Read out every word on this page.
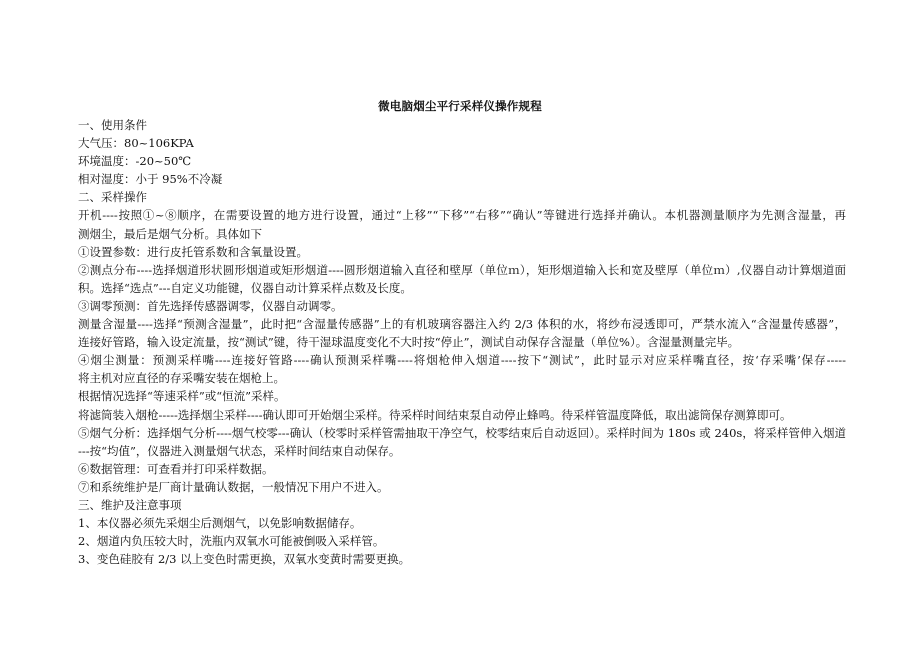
微电脑烟尘平行采样仪操作规程
一、使用条件
大气压：80~106KPA
环境温度：-20~50℃
相对湿度：小于 95%不冷凝
二、采样操作
开机----按照①~⑧顺序，在需要设置的地方进行设置，通过“上移”“下移”“右移”“确认”等键进行选择并确认。本机器测量顺序为先测含湿量，再
测烟尘，最后是烟气分析。具体如下
①设置参数：进行皮托管系数和含氧量设置。
②测点分布----选择烟道形状圆形烟道或矩形烟道----圆形烟道输入直径和壁厚（单位ｍ），矩形烟道输入长和宽及壁厚（单位ｍ）,仪器自动计算烟道面
积。选择“选点”---自定义功能键，仪器自动计算采样点数及长度。
③调零预测：首先选择传感器调零，仪器自动调零。
测量含湿量----选择“预测含湿量”，此时把“含湿量传感器”上的有机玻璃容器注入约 2/3 体积的水，将纱布浸透即可，严禁水流入“含湿量传感器”，
连接好管路，输入设定流量，按“测试”键，待干湿球温度变化不大时按“停止”，测试自动保存含湿量（单位%）。含湿量测量完毕。
④烟尘测量：预测采样嘴----连接好管路----确认预测采样嘴----将烟枪伸入烟道----按下“测试”，此时显示对应采样嘴直径，按‘存采嘴’保存-----
将主机对应直径的存采嘴安装在烟枪上。
根据情况选择“等速采样”或“恒流”采样。
将滤筒装入烟枪-----选择烟尘采样----确认即可开始烟尘采样。待采样时间结束泵自动停止蜂鸣。待采样管温度降低，取出滤筒保存测算即可。
⑤烟气分析：选择烟气分析----烟气校零---确认（校零时采样管需抽取干净空气，校零结束后自动返回）。采样时间为 180s 或 240s，将采样管伸入烟道
---按“均值”，仪器进入测量烟气状态，采样时间结束自动保存。
⑥数据管理：可查看并打印采样数据。
⑦和系统维护是厂商计量确认数据，一般情况下用户不进入。
三、维护及注意事项
1、本仪器必须先采烟尘后测烟气，以免影响数据储存。
2、烟道内负压较大时，洗瓶内双氧水可能被倒吸入采样管。
3、变色硅胶有 2/3 以上变色时需更换，双氧水变黄时需要更换。
